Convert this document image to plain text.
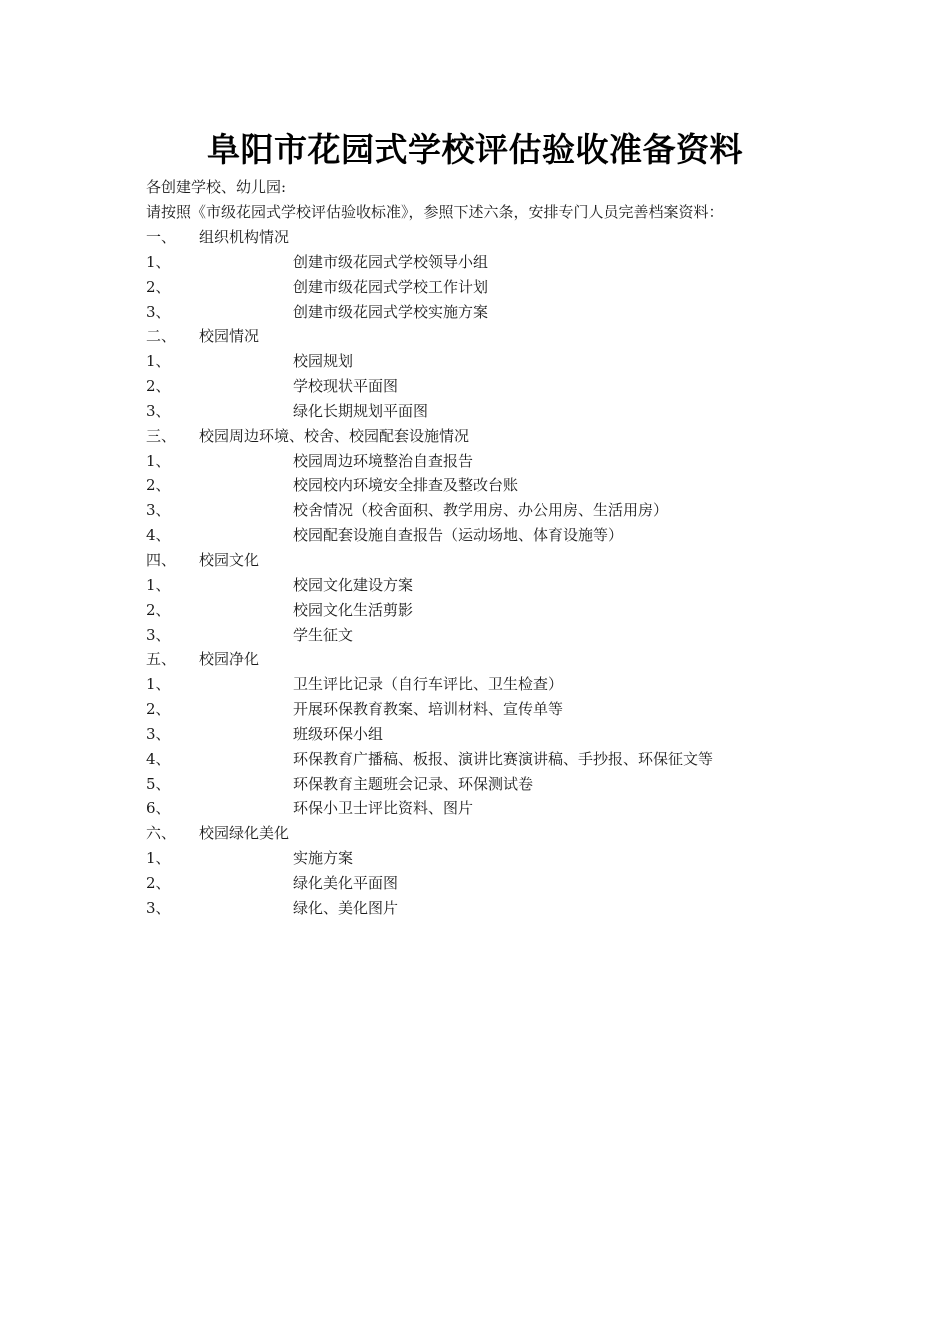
阜阳市花园式学校评估验收准备资料
各创建学校、幼儿园:
请按照《市级花园式学校评估验收标准》，参照下述六条，安排专门人员完善档案资料：
一、 组织机构情况
1、	创建市级花园式学校领导小组
2、	创建市级花园式学校工作计划
3、	创建市级花园式学校实施方案
二、 校园情况
1、	校园规划
2、	学校现状平面图
3、	绿化长期规划平面图
三、 校园周边环境、校舍、校园配套设施情况
1、	校园周边环境整治自查报告
2、	校园校内环境安全排查及整改台账
3、	校舍情况（校舍面积、教学用房、办公用房、生活用房）
4、	校园配套设施自查报告（运动场地、体育设施等）
四、 校园文化
1、	校园文化建设方案
2、	校园文化生活剪影
3、	学生征文
五、 校园净化
1、	卫生评比记录（自行车评比、卫生检查）
2、	开展环保教育教案、培训材料、宣传单等
3、	班级环保小组
4、	环保教育广播稿、板报、演讲比赛演讲稿、手抄报、环保征文等
5、	环保教育主题班会记录、环保测试卷
6、	环保小卫士评比资料、图片
六、 校园绿化美化
1、	实施方案
2、	绿化美化平面图
3、	绿化、美化图片
